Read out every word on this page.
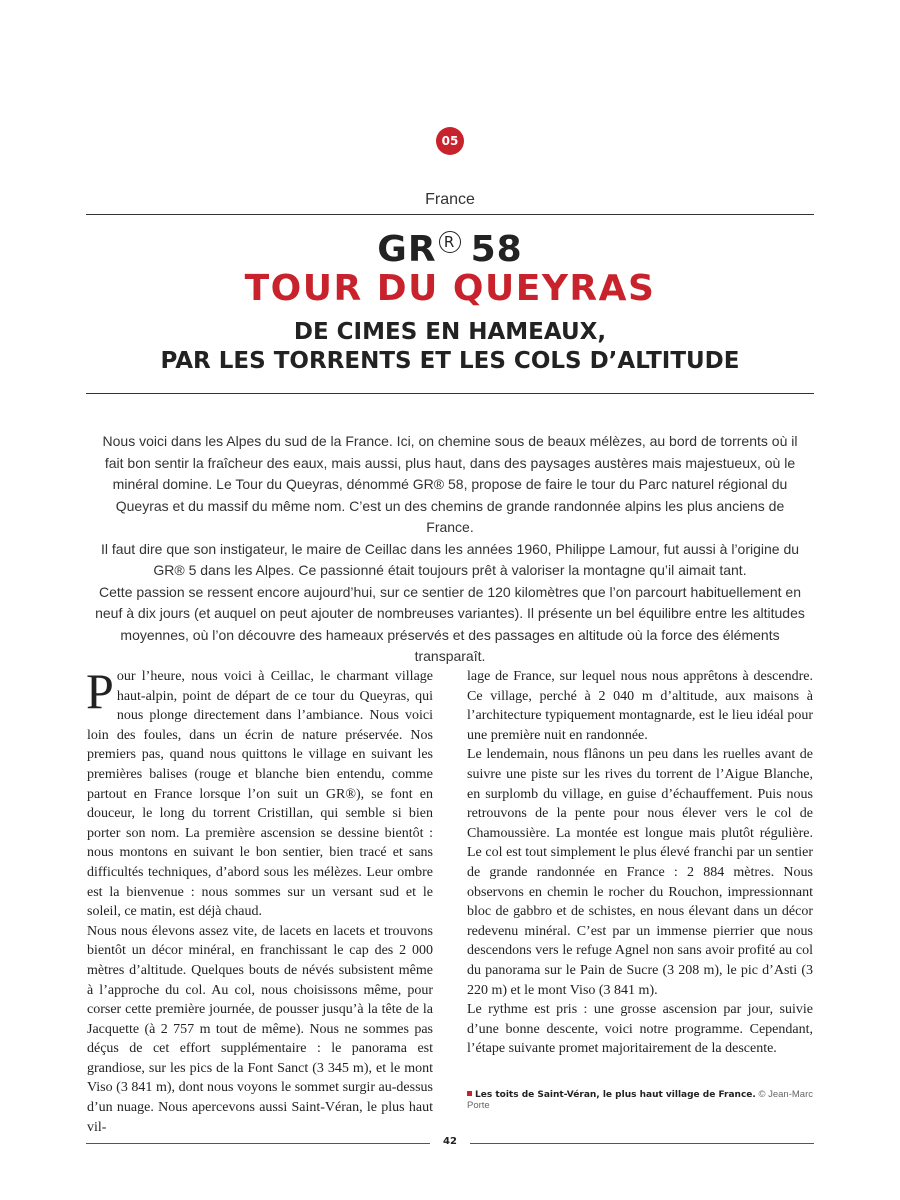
05
France
GR R 58
TOUR DU QUEYRAS
DE CIMES EN HAMEAUX,
PAR LES TORRENTS ET LES COLS D’ALTITUDE

Nous voici dans les Alpes du sud de la France. Ici, on chemine sous de beaux mélèzes, au bord de torrents où il fait bon sentir la fraîcheur des eaux, mais aussi, plus haut, dans des paysages austères mais majestueux, où le minéral domine. Le Tour du Queyras, dénommé GR® 58, propose de faire le tour du Parc naturel régional du Queyras et du massif du même nom. C’est un des chemins de grande randonnée alpins les plus anciens de France.

Il faut dire que son instigateur, le maire de Ceillac dans les années 1960, Philippe Lamour, fut aussi à l’origine du GR® 5 dans les Alpes. Ce passionné était toujours prêt à valoriser la montagne qu’il aimait tant.

Cette passion se ressent encore aujourd’hui, sur ce sentier de 120 kilomètres que l’on parcourt habituellement en neuf à dix jours (et auquel on peut ajouter de nombreuses variantes). Il présente un bel équilibre entre les altitudes moyennes, où l’on découvre des hameaux préservés et des passages en altitude où la force des éléments transparaît.

Pour l’heure, nous voici à Ceillac, le charmant village haut-alpin, point de départ de ce tour du Queyras, qui nous plonge directement dans l’ambiance. Nous voici loin des foules, dans un écrin de nature préservée. Nos premiers pas, quand nous quittons le village en suivant les premières balises (rouge et blanche bien entendu, comme partout en France lorsque l’on suit un GR®), se font en douceur, le long du torrent Cristillan, qui semble si bien porter son nom. La première ascension se dessine bientôt : nous montons en suivant le bon sentier, bien tracé et sans difficultés techniques, d’abord sous les mélèzes. Leur ombre est la bienvenue : nous sommes sur un versant sud et le soleil, ce matin, est déjà chaud.

Nous nous élevons assez vite, de lacets en lacets et trouvons bientôt un décor minéral, en franchissant le cap des 2 000 mètres d’altitude. Quelques bouts de névés subsistent même à l’approche du col. Au col, nous choisissons même, pour corser cette première journée, de pousser jusqu’à la tête de la Jacquette (à 2 757 m tout de même). Nous ne sommes pas déçus de cet effort supplémentaire : le panorama est grandiose, sur les pics de la Font Sanct (3 345 m), et le mont Viso (3 841 m), dont nous voyons le sommet surgir au-dessus d’un nuage. Nous apercevons aussi Saint-Véran, le plus haut vil-

lage de France, sur lequel nous nous apprêtons à descendre. Ce village, perché à 2 040 m d’altitude, aux maisons à l’architecture typiquement montagnarde, est le lieu idéal pour une première nuit en randonnée.

Le lendemain, nous flânons un peu dans les ruelles avant de suivre une piste sur les rives du torrent de l’Aigue Blanche, en surplomb du village, en guise d’échauffement. Puis nous retrouvons de la pente pour nous élever vers le col de Chamoussière. La montée est longue mais plutôt régulière. Le col est tout simplement le plus élevé franchi par un sentier de grande randonnée en France : 2 884 mètres. Nous observons en chemin le rocher du Rouchon, impressionnant bloc de gabbro et de schistes, en nous élevant dans un décor redevenu minéral. C’est par un immense pierrier que nous descendons vers le refuge Agnel non sans avoir profité au col du panorama sur le Pain de Sucre (3 208 m), le pic d’Asti (3 220 m) et le mont Viso (3 841 m).

Le rythme est pris : une grosse ascension par jour, suivie d’une bonne descente, voici notre programme. Cependant, l’étape suivante promet majoritairement de la descente.

Les toits de Saint-Véran, le plus haut village de France. © Jean-Marc Porte
42
